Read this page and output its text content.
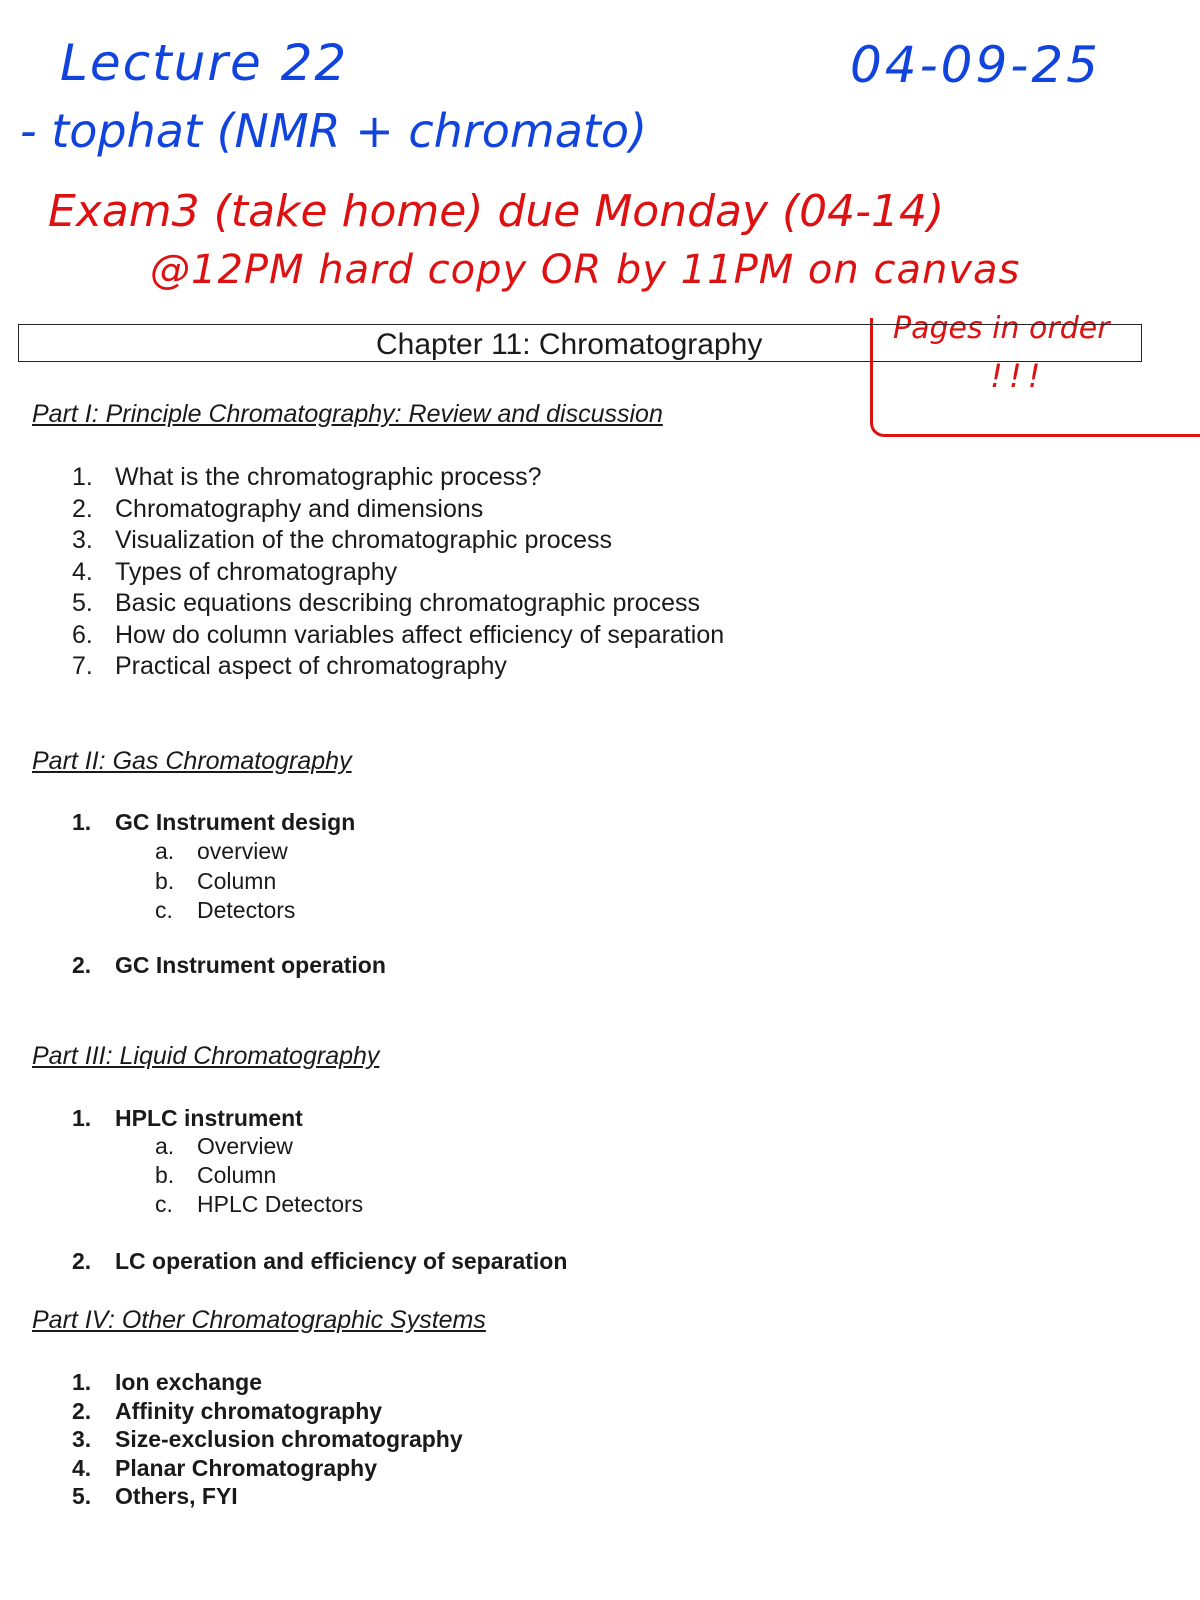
Lecture 22	04-09-25
- tophat (NMR + chromato)
Exam3 (take home) due Monday (04-14)
@12PM hard copy OR by 11PM on canvas
Pages in order
!!!
Chapter 11: Chromatography
Part I: Principle Chromatography: Review and discussion
1. What is the chromatographic process?
2. Chromatography and dimensions
3. Visualization of the chromatographic process
4. Types of chromatography
5. Basic equations describing chromatographic process
6. How do column variables affect efficiency of separation
7. Practical aspect of chromatography
Part II: Gas Chromatography
1. GC Instrument design
a. overview
b. Column
c. Detectors
2. GC Instrument operation
Part III: Liquid Chromatography
1. HPLC instrument
a. Overview
b. Column
c. HPLC Detectors
2. LC operation and efficiency of separation
Part IV: Other Chromatographic Systems
1. Ion exchange
2. Affinity chromatography
3. Size-exclusion chromatography
4. Planar Chromatography
5. Others, FYI
